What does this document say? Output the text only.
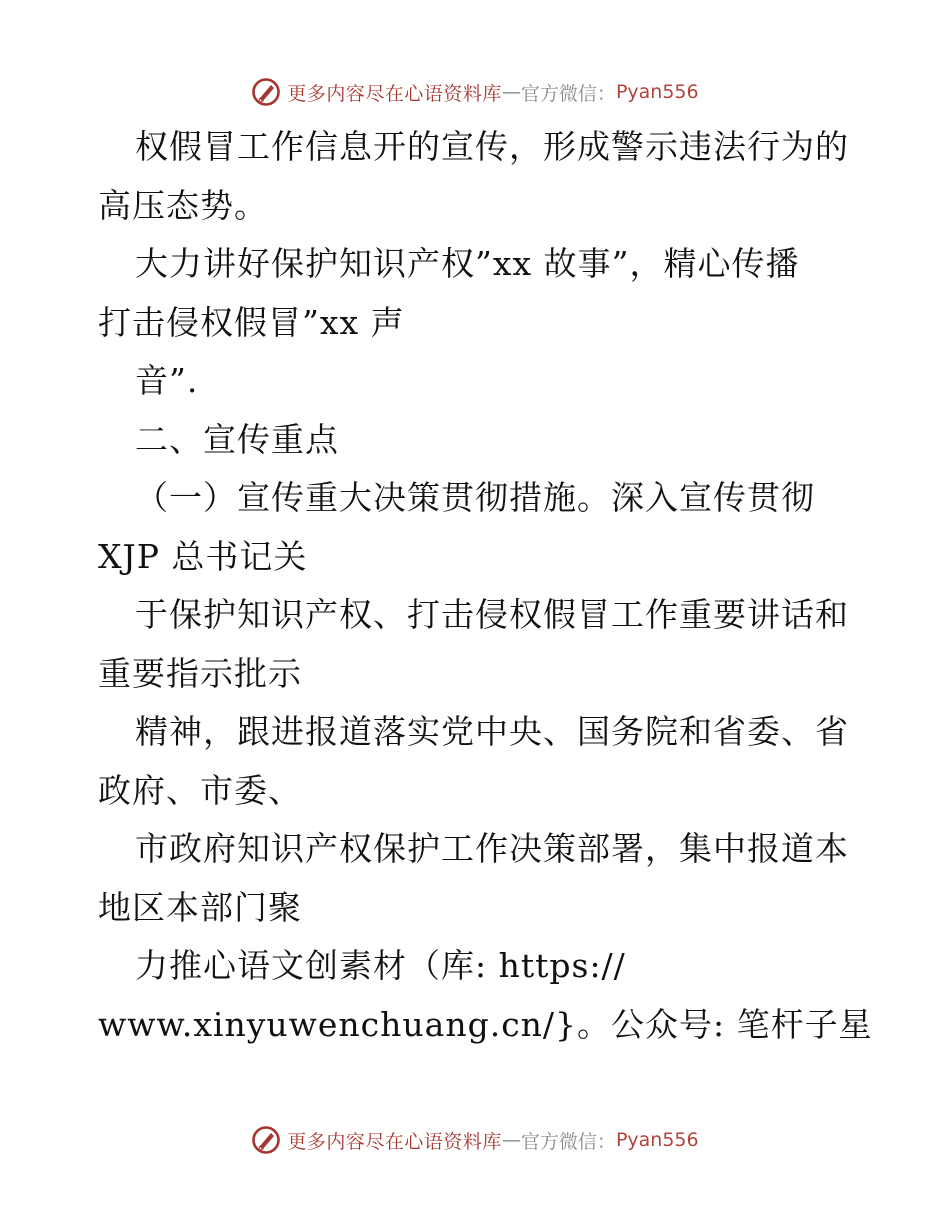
更多内容尽在心语资料库 — 官方微信： Pyan556
权假冒工作信息开的宣传，形成警示违法行为的
高压态势。
大力讲好保护知识产权”xx 故事”，精心传播
打击侵权假冒”xx 声
音”.
二、宣传重点
（一）宣传重大决策贯彻措施。深入宣传贯彻
XJP 总书记关
于保护知识产权、打击侵权假冒工作重要讲话和
重要指示批示
精神，跟进报道落实党中央、国务院和省委、省
政府、市委、
市政府知识产权保护工作决策部署，集中报道本
地区本部门聚
力推心语文创素材（库: https://
www.xinyuwenchuang.cn/}。公众号: 笔杆子星
更多内容尽在心语资料库 — 官方微信： Pyan556
